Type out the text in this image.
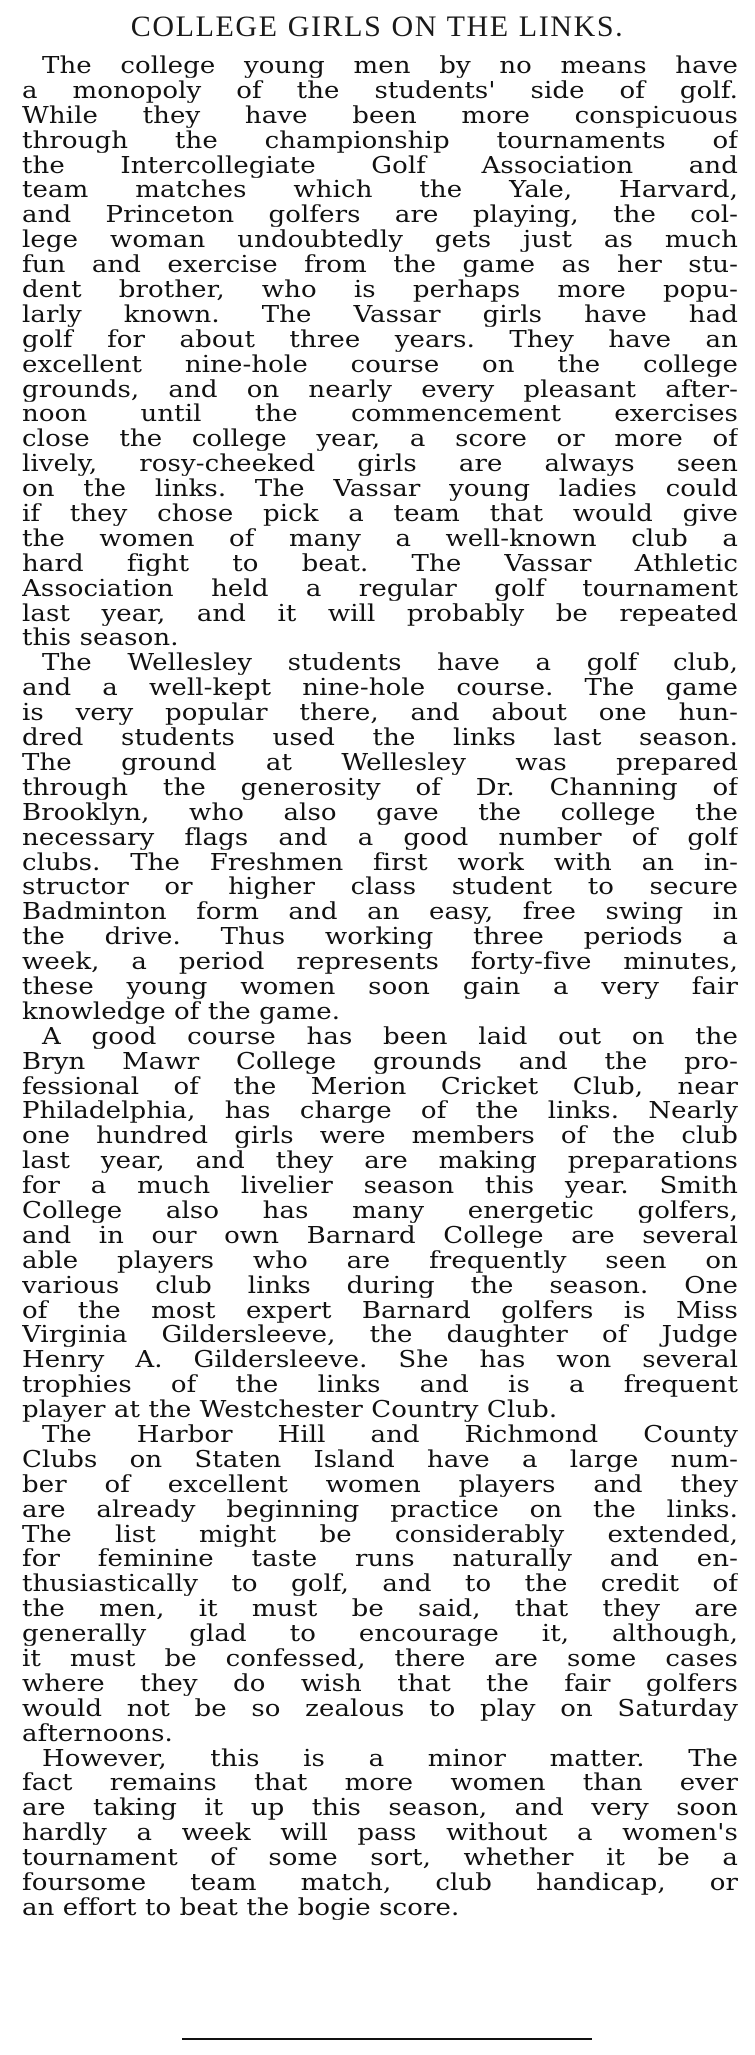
COLLEGE GIRLS ON THE LINKS.
The college young men by no means have
a monopoly of the students' side of golf.
While they have been more conspicuous
through the championship tournaments of
the Intercollegiate Golf Association and
team matches which the Yale, Harvard,
and Princeton golfers are playing, the col-
lege woman undoubtedly gets just as much
fun and exercise from the game as her stu-
dent brother, who is perhaps more popu-
larly known. The Vassar girls have had
golf for about three years. They have an
excellent nine-hole course on the college
grounds, and on nearly every pleasant after-
noon until the commencement exercises
close the college year, a score or more of
lively, rosy-cheeked girls are always seen
on the links. The Vassar young ladies could
if they chose pick a team that would give
the women of many a well-known club a
hard fight to beat. The Vassar Athletic
Association held a regular golf tournament
last year, and it will probably be repeated
this season.
The Wellesley students have a golf club,
and a well-kept nine-hole course. The game
is very popular there, and about one hun-
dred students used the links last season.
The ground at Wellesley was prepared
through the generosity of Dr. Channing of
Brooklyn, who also gave the college the
necessary flags and a good number of golf
clubs. The Freshmen first work with an in-
structor or higher class student to secure
Badminton form and an easy, free swing in
the drive. Thus working three periods a
week, a period represents forty-five minutes,
these young women soon gain a very fair
knowledge of the game.
A good course has been laid out on the
Bryn Mawr College grounds and the pro-
fessional of the Merion Cricket Club, near
Philadelphia, has charge of the links. Nearly
one hundred girls were members of the club
last year, and they are making preparations
for a much livelier season this year. Smith
College also has many energetic golfers,
and in our own Barnard College are several
able players who are frequently seen on
various club links during the season. One
of the most expert Barnard golfers is Miss
Virginia Gildersleeve, the daughter of Judge
Henry A. Gildersleeve. She has won several
trophies of the links and is a frequent
player at the Westchester Country Club.
The Harbor Hill and Richmond County
Clubs on Staten Island have a large num-
ber of excellent women players and they
are already beginning practice on the links.
The list might be considerably extended,
for feminine taste runs naturally and en-
thusiastically to golf, and to the credit of
the men, it must be said, that they are
generally glad to encourage it, although,
it must be confessed, there are some cases
where they do wish that the fair golfers
would not be so zealous to play on Saturday
afternoons.
However, this is a minor matter. The
fact remains that more women than ever
are taking it up this season, and very soon
hardly a week will pass without a women's
tournament of some sort, whether it be a
foursome team match, club handicap, or
an effort to beat the bogie score.
